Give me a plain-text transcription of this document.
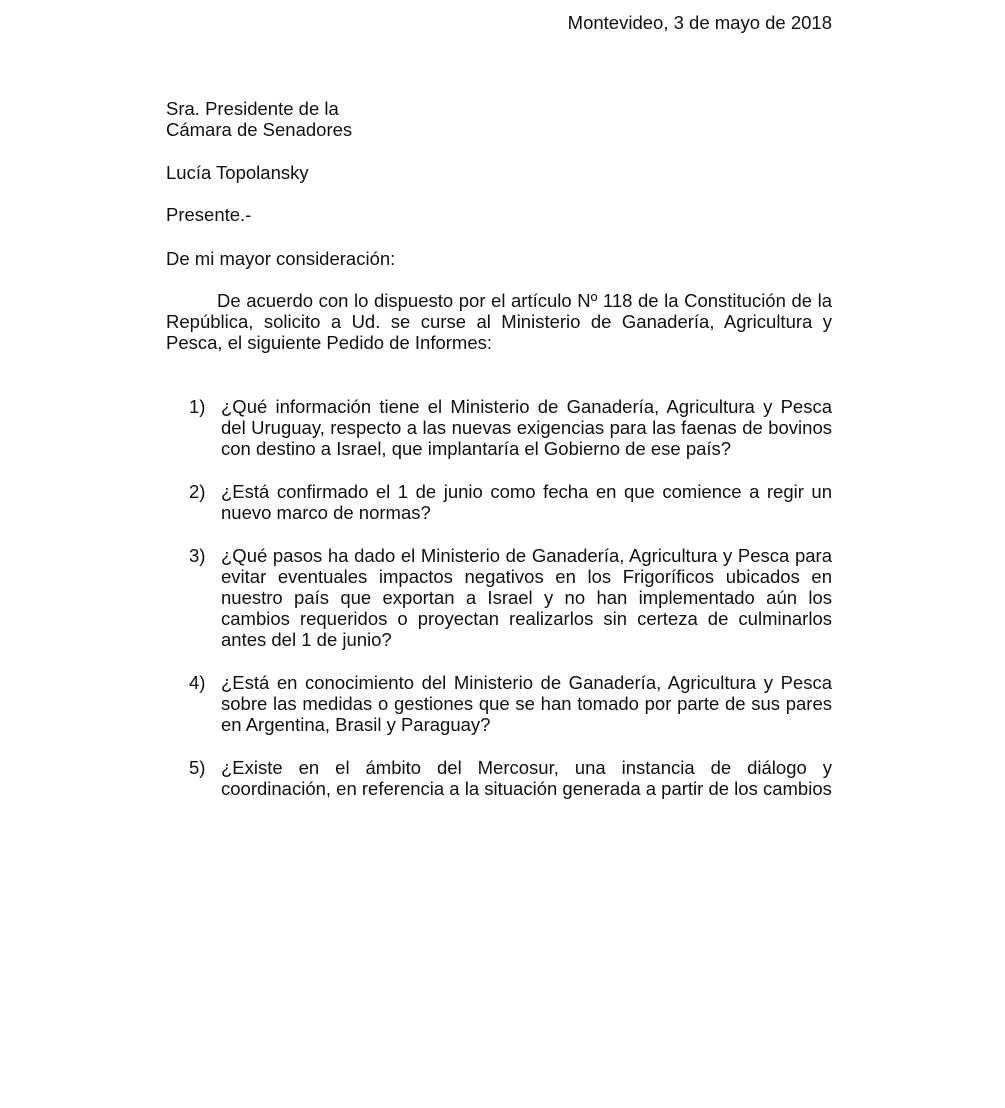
Montevideo, 3 de mayo de 2018
Sra. Presidente de la
Cámara de Senadores
Lucía Topolansky
Presente.-
De mi mayor consideración:
De acuerdo con lo dispuesto por el artículo Nº 118 de la Constitución de la República, solicito a Ud. se curse al Ministerio de Ganadería, Agricultura y Pesca, el siguiente Pedido de Informes:
1) ¿Qué información tiene el Ministerio de Ganadería, Agricultura y Pesca del Uruguay, respecto a las nuevas exigencias para las faenas de bovinos con destino a Israel, que implantaría el Gobierno de ese país?
2) ¿Está confirmado el 1 de junio como fecha en que comience a regir un nuevo marco de normas?
3) ¿Qué pasos ha dado el Ministerio de Ganadería, Agricultura y Pesca para evitar eventuales impactos negativos en los Frigoríficos ubicados en nuestro país que exportan a Israel y no han implementado aún los cambios requeridos o proyectan realizarlos sin certeza de culminarlos antes del 1 de junio?
4) ¿Está en conocimiento del Ministerio de Ganadería, Agricultura y Pesca sobre las medidas o gestiones que se han tomado por parte de sus pares en Argentina, Brasil y Paraguay?
5) ¿Existe en el ámbito del Mercosur, una instancia de diálogo y coordinación, en referencia a la situación generada a partir de los cambios
